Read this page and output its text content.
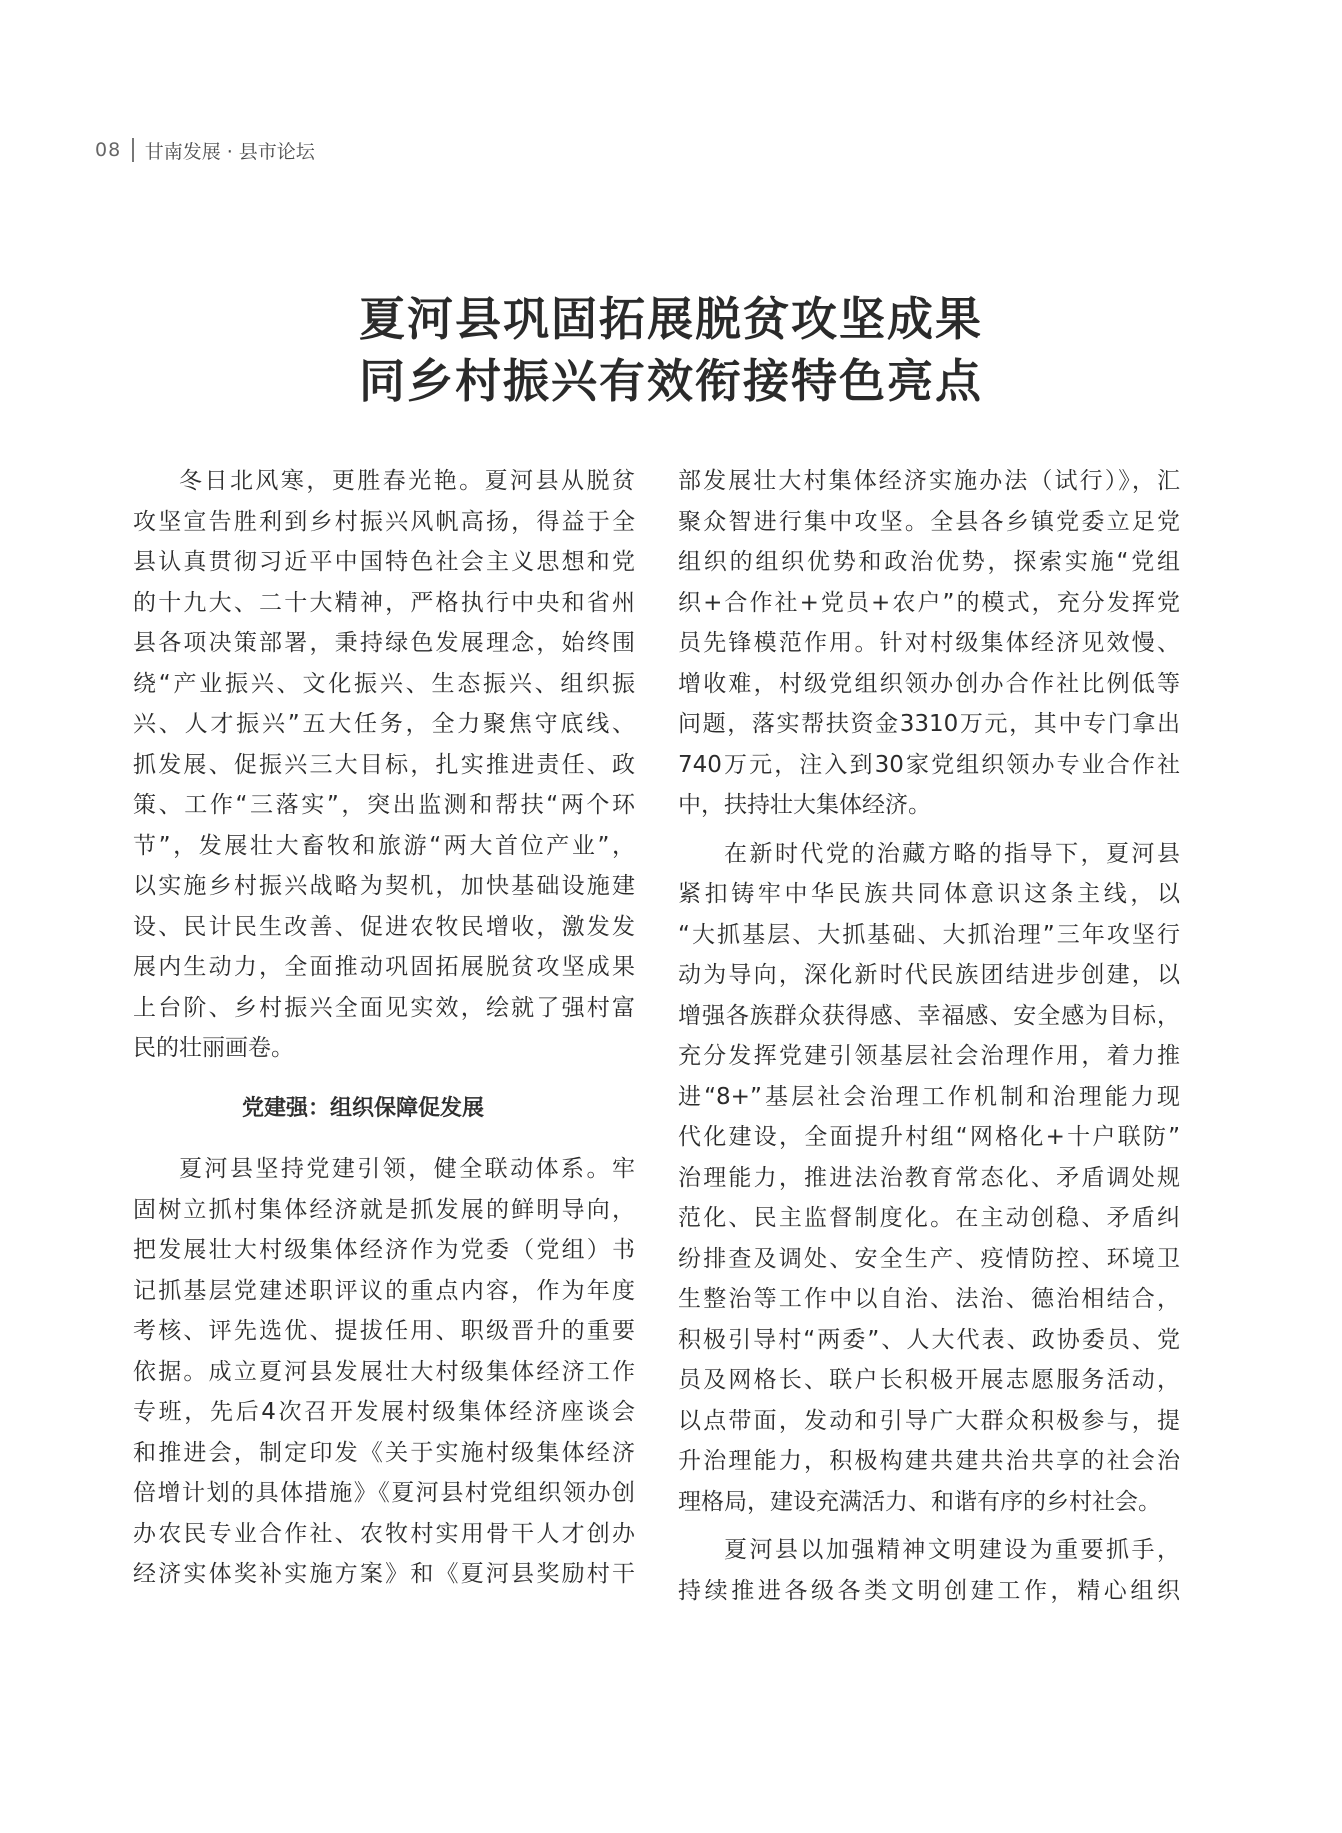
08 甘南发展 · 县市论坛
夏河县巩固拓展脱贫攻坚成果
同乡村振兴有效衔接特色亮点
冬日北风寒，更胜春光艳。夏河县从脱贫
攻坚宣告胜利到乡村振兴风帆高扬，得益于全
县认真贯彻习近平中国特色社会主义思想和党
的十九大、二十大精神，严格执行中央和省州
县各项决策部署，秉持绿色发展理念，始终围
绕“产业振兴、文化振兴、生态振兴、组织振
兴、人才振兴”五大任务，全力聚焦守底线、
抓发展、促振兴三大目标，扎实推进责任、政
策、工作“三落实”，突出监测和帮扶“两个环
节”，发展壮大畜牧和旅游“两大首位产业”，
以实施乡村振兴战略为契机，加快基础设施建
设、民计民生改善、促进农牧民增收，激发发
展内生动力，全面推动巩固拓展脱贫攻坚成果
上台阶、乡村振兴全面见实效，绘就了强村富
民的壮丽画卷。
党建强：组织保障促发展
夏河县坚持党建引领，健全联动体系。牢
固树立抓村集体经济就是抓发展的鲜明导向，
把发展壮大村级集体经济作为党委（党组）书
记抓基层党建述职评议的重点内容，作为年度
考核、评先选优、提拔任用、职级晋升的重要
依据。成立夏河县发展壮大村级集体经济工作
专班，先后4次召开发展村级集体经济座谈会
和推进会，制定印发《关于实施村级集体经济
倍增计划的具体措施》《夏河县村党组织领办创
办农民专业合作社、农牧村实用骨干人才创办
经济实体奖补实施方案》和《夏河县奖励村干
部发展壮大村集体经济实施办法（试行）》，汇
聚众智进行集中攻坚。全县各乡镇党委立足党
组织的组织优势和政治优势，探索实施“党组
织+合作社+党员+农户”的模式，充分发挥党
员先锋模范作用。针对村级集体经济见效慢、
增收难，村级党组织领办创办合作社比例低等
问题，落实帮扶资金3310万元，其中专门拿出
740万元，注入到30家党组织领办专业合作社
中，扶持壮大集体经济。
在新时代党的治藏方略的指导下，夏河县
紧扣铸牢中华民族共同体意识这条主线，以
“大抓基层、大抓基础、大抓治理”三年攻坚行
动为导向，深化新时代民族团结进步创建，以
增强各族群众获得感、幸福感、安全感为目标，
充分发挥党建引领基层社会治理作用，着力推
进“8+”基层社会治理工作机制和治理能力现
代化建设，全面提升村组“网格化+十户联防”
治理能力，推进法治教育常态化、矛盾调处规
范化、民主监督制度化。在主动创稳、矛盾纠
纷排查及调处、安全生产、疫情防控、环境卫
生整治等工作中以自治、法治、德治相结合，
积极引导村“两委”、人大代表、政协委员、党
员及网格长、联户长积极开展志愿服务活动，
以点带面，发动和引导广大群众积极参与，提
升治理能力，积极构建共建共治共享的社会治
理格局，建设充满活力、和谐有序的乡村社会。
夏河县以加强精神文明建设为重要抓手，
持续推进各级各类文明创建工作，精心组织
